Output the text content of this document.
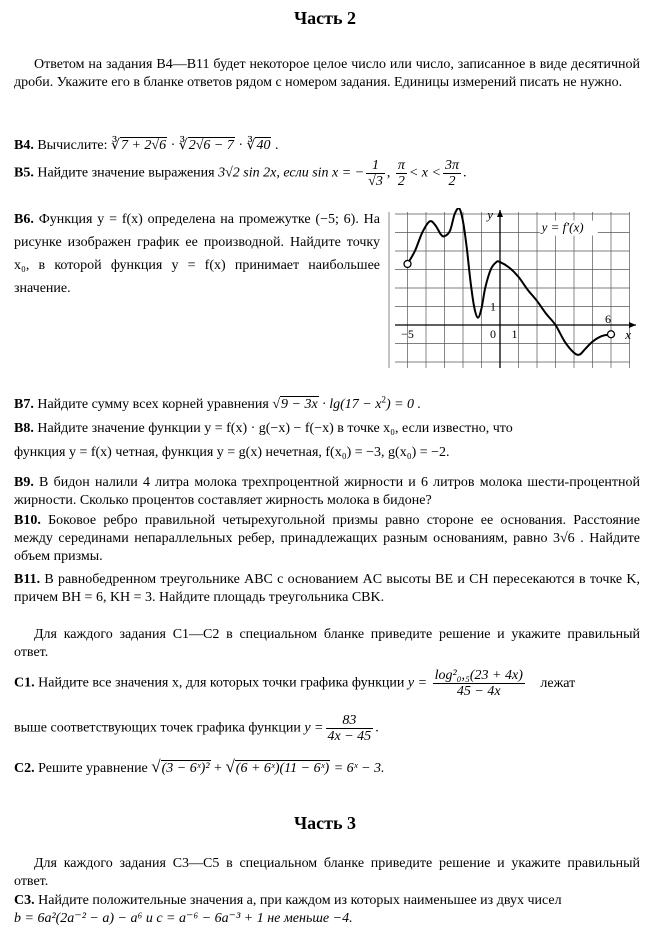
Часть 2
Ответом на задания B4—B11 будет некоторое целое число или число, записанное в виде десятичной дроби. Укажите его в бланке ответов рядом с номером задания. Единицы измерений писать не нужно.
B4. Вычислите: ∛7 + 2√6 · ∛2√6 − 7 · ∛40 .
B5. Найдите значение выражения 3√2 sin 2x, если sin x = − $\frac{1}{√3}$ , $\frac{\pi}{2} < x < \frac{3\pi}{2}$ .
B6. Функция y = f(x) определена на промежутке (−5; 6). На рисунке изображен график ее производной. Найдите точку x₀, в которой функция y = f(x) принимает наибольшее значение.
y = f′(x)
y
x
−5	0 1
6
1
B7. Найдите сумму всех корней уравнения $√9 - 3x \cdot \lg(17 - x^2) = 0$ .
B8. Найдите значение функции y = f(x) · g(−x) − f(−x) в точке x₀, если известно, что
функция y = f(x) четная, функция y = g(x) нечетная, f(x₀) = −3, g(x₀) = −2.
B9. В бидон налили 4 литра молока трехпроцентной жирности и 6 литров молока шести-процентной жирности. Сколько процентов составляет жирность молока в бидоне?
B10. Боковое ребро правильной четырехугольной призмы равно стороне ее основания. Расстояние между серединами непараллельных ребер, принадлежащих разным основаниям, равно 3√6 . Найдите объем призмы.
B11. В равнобедренном треугольнике ABC с основанием AC высоты BE и CH пересекаются в точке K, причем BH = 6, KH = 3. Найдите площадь треугольника CBK.
Для каждого задания C1—C2 в специальном бланке приведите решение и укажите правильный ответ.
C1. Найдите все значения x, для которых точки графика функции $y = \frac{\text{log²₀,₅(23 + 4x)}}{45 - 4x}$ лежат
выше соответствующих точек графика функции $y = \frac{83}{4x - 45}$ .
C2. Решите уравнение √(3 − 6ˣ)² + √(6 + 6ˣ)(11 − 6ˣ) = 6ˣ − 3.
Часть 3
Для каждого задания C3—C5 в специальном бланке приведите решение и укажите правильный ответ.
C3. Найдите положительные значения a, при каждом из которых наименьшее из двух чисел
b = 6a²(2a⁻² − a) − a⁶ и c = a⁻⁶ − 6a⁻³ + 1 не меньше −4.
